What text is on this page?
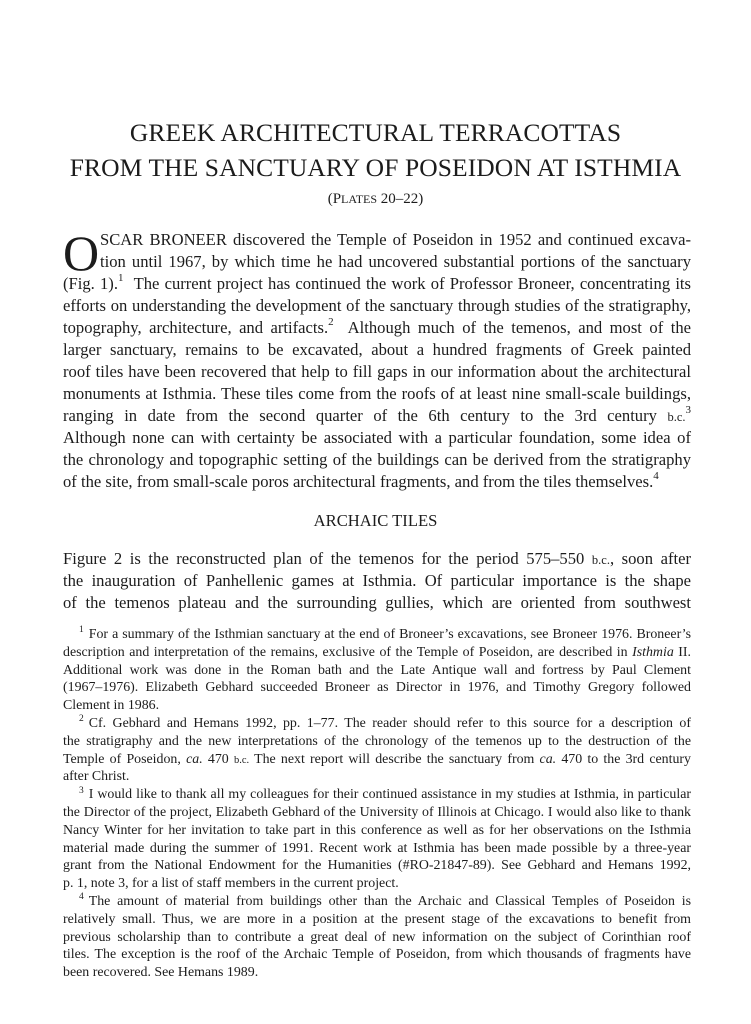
GREEK ARCHITECTURAL TERRACOTTAS
FROM THE SANCTUARY OF POSEIDON AT ISTHMIA
(PLATES 20–22)
O SCAR BRONEER discovered the Temple of Poseidon in 1952 and continued excava-
tion until 1967, by which time he had uncovered substantial portions of the sanctuary
(Fig. 1).$^1$ The current project has continued the work of Professor Broneer, concentrating its
efforts on understanding the development of the sanctuary through studies of the stratigraphy,
topography, architecture, and artifacts.$^2$ Although much of the temenos, and most of the
larger sanctuary, remains to be excavated, about a hundred fragments of Greek painted
roof tiles have been recovered that help to fill gaps in our information about the architectural
monuments at Isthmia. These tiles come from the roofs of at least nine small-scale buildings,
ranging in date from the second quarter of the 6th century to the 3rd century b.c.$^3$
Although none can with certainty be associated with a particular foundation, some idea of
the chronology and topographic setting of the buildings can be derived from the stratigraphy
of the site, from small-scale poros architectural fragments, and from the tiles themselves.$^4$
ARCHAIC TILES
Figure 2 is the reconstructed plan of the temenos for the period 575–550 b.c., soon after
the inauguration of Panhellenic games at Isthmia. Of particular importance is the shape
of the temenos plateau and the surrounding gullies, which are oriented from southwest
$^1$ For a summary of the Isthmian sanctuary at the end of Broneer’s excavations, see Broneer 1976. Broneer’s
description and interpretation of the remains, exclusive of the Temple of Poseidon, are described in Isthmia II.
Additional work was done in the Roman bath and the Late Antique wall and fortress by Paul Clement
(1967–1976). Elizabeth Gebhard succeeded Broneer as Director in 1976, and Timothy Gregory followed
Clement in 1986.
$^2$ Cf. Gebhard and Hemans 1992, pp. 1–77. The reader should refer to this source for a description of
the stratigraphy and the new interpretations of the chronology of the temenos up to the destruction of the
Temple of Poseidon, ca. 470 b.c. The next report will describe the sanctuary from ca. 470 to the 3rd century
after Christ.
$^3$ I would like to thank all my colleagues for their continued assistance in my studies at Isthmia, in particular
the Director of the project, Elizabeth Gebhard of the University of Illinois at Chicago. I would also like to thank
Nancy Winter for her invitation to take part in this conference as well as for her observations on the Isthmia
material made during the summer of 1991. Recent work at Isthmia has been made possible by a three-year
grant from the National Endowment for the Humanities (#RO-21847-89). See Gebhard and Hemans 1992,
p. 1, note 3, for a list of staff members in the current project.
$^4$ The amount of material from buildings other than the Archaic and Classical Temples of Poseidon is
relatively small. Thus, we are more in a position at the present stage of the excavations to benefit from
previous scholarship than to contribute a great deal of new information on the subject of Corinthian roof
tiles. The exception is the roof of the Archaic Temple of Poseidon, from which thousands of fragments have
been recovered. See Hemans 1989.
